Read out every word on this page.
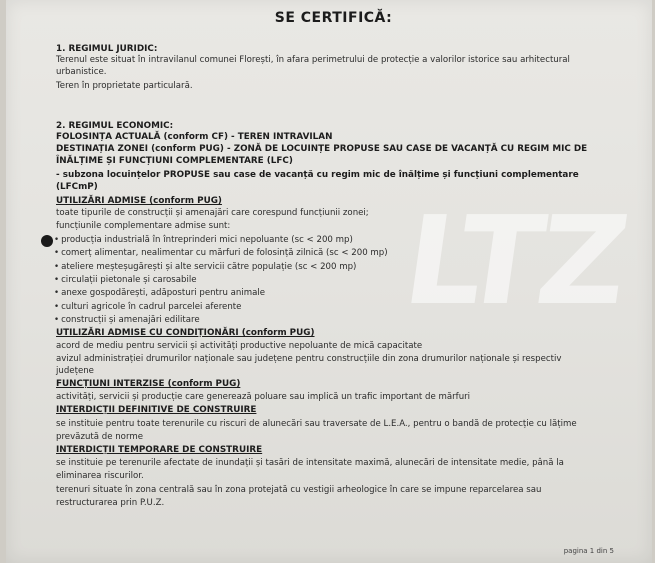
LTZ
SE CERTIFICĂ:
1. REGIMUL JURIDIC:
Terenul este situat în intravilanul comunei Florești, în afara perimetrului de protecție a valorilor istorice sau arhitectural
urbanistice.
Teren în proprietate particulară.
2. REGIMUL ECONOMIC:
FOLOSINȚA ACTUALĂ (conform CF) - TEREN INTRAVILAN
DESTINAȚIA ZONEI (conform PUG) - ZONĂ DE LOCUINȚE PROPUSE SAU CASE DE VACANȚĂ CU REGIM MIC DE
ÎNĂLȚIME ȘI FUNCȚIUNI COMPLEMENTARE (LFC)
- subzona locuințelor PROPUSE sau case de vacanță cu regim mic de înălțime și funcțiuni complementare
(LFCmP)
UTILIZĂRI ADMISE (conform PUG)
toate tipurile de construcții și amenajări care corespund funcțiunii zonei;
funcțiunile complementare admise sunt:
• producția industrială în întreprinderi mici nepoluante (sc < 200 mp)
• comerț alimentar, nealimentar cu mărfuri de folosință zilnică (sc < 200 mp)
• ateliere meșteșugărești și alte servicii către populație (sc < 200 mp)
• circulații pietonale și carosabile
• anexe gospodărești, adăposturi pentru animale
• culturi agricole în cadrul parcelei aferente
• construcții și amenajări edilitare
UTILIZĂRI ADMISE CU CONDIȚIONĂRI (conform PUG)
acord de mediu pentru servicii și activități productive nepoluante de mică capacitate
avizul administrației drumurilor naționale sau județene pentru construcțiile din zona drumurilor naționale și respectiv
județene
FUNCȚIUNI INTERZISE (conform PUG)
activități, servicii și producție care generează poluare sau implică un trafic important de mărfuri
INTERDICȚII DEFINITIVE DE CONSTRUIRE
se instituie pentru toate terenurile cu riscuri de alunecări sau traversate de L.E.A., pentru o bandă de protecție cu lățime
prevăzută de norme
INTERDICȚII TEMPORARE DE CONSTRUIRE
se instituie pe terenurile afectate de inundații și tasări de intensitate maximă, alunecări de intensitate medie, până la
eliminarea riscurilor.
terenuri situate în zona centrală sau în zona protejată cu vestigii arheologice în care se impune reparcelarea sau
restructurarea prin P.U.Z.
pagina 1 din 5
